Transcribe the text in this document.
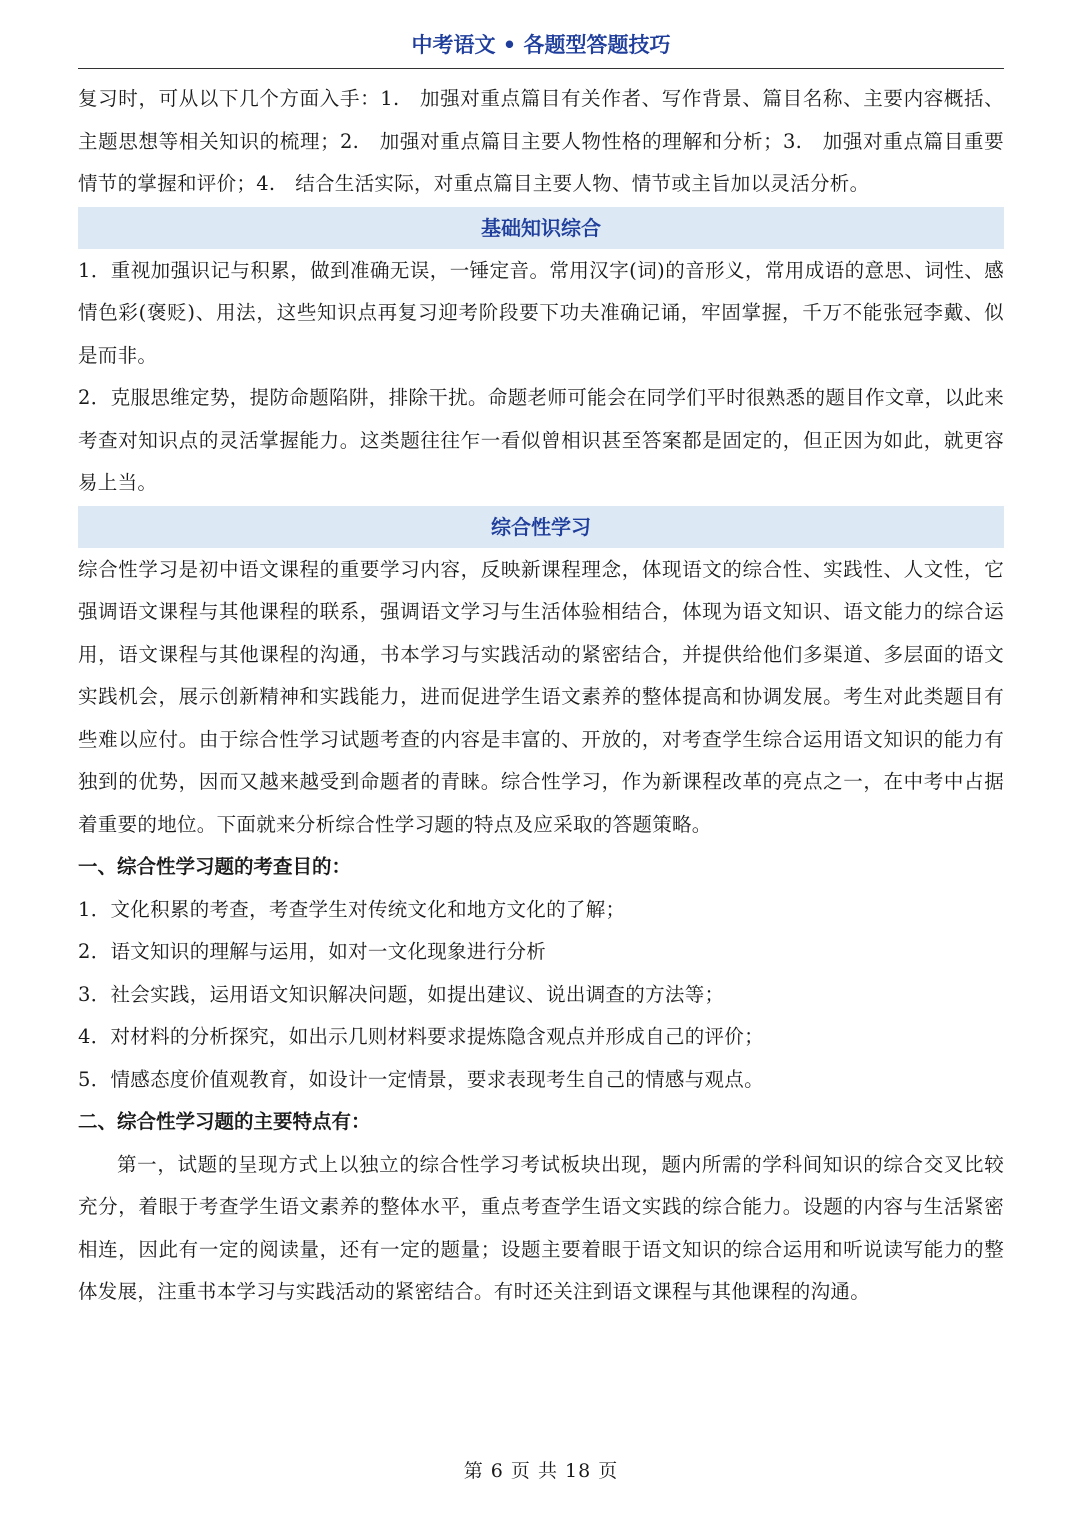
中考语文 • 各题型答题技巧

复习时，可从以下几个方面入手：1.　加强对重点篇目有关作者、写作背景、篇目名称、主要内容概括、主题思想等相关知识的梳理；2.　加强对重点篇目主要人物性格的理解和分析；3.　加强对重点篇目重要情节的掌握和评价；4.　结合生活实际，对重点篇目主要人物、情节或主旨加以灵活分析。

基础知识综合

1．重视加强识记与积累，做到准确无误，一锤定音。常用汉字(词)的音形义，常用成语的意思、词性、感情色彩(褒贬)、用法，这些知识点再复习迎考阶段要下功夫准确记诵，牢固掌握，千万不能张冠李戴、似是而非。

2．克服思维定势，提防命题陷阱，排除干扰。命题老师可能会在同学们平时很熟悉的题目作文章，以此来考查对知识点的灵活掌握能力。这类题往往乍一看似曾相识甚至答案都是固定的，但正因为如此，就更容易上当。

综合性学习

综合性学习是初中语文课程的重要学习内容，反映新课程理念，体现语文的综合性、实践性、人文性，它强调语文课程与其他课程的联系，强调语文学习与生活体验相结合，体现为语文知识、语文能力的综合运用，语文课程与其他课程的沟通，书本学习与实践活动的紧密结合，并提供给他们多渠道、多层面的语文实践机会，展示创新精神和实践能力，进而促进学生语文素养的整体提高和协调发展。考生对此类题目有些难以应付。由于综合性学习试题考查的内容是丰富的、开放的，对考查学生综合运用语文知识的能力有独到的优势，因而又越来越受到命题者的青睐。综合性学习，作为新课程改革的亮点之一，在中考中占据着重要的地位。下面就来分析综合性学习题的特点及应采取的答题策略。

一、综合性学习题的考查目的：

1．文化积累的考查，考查学生对传统文化和地方文化的了解；

2．语文知识的理解与运用，如对一文化现象进行分析

3．社会实践，运用语文知识解决问题，如提出建议、说出调查的方法等；

4．对材料的分析探究，如出示几则材料要求提炼隐含观点并形成自己的评价；

5．情感态度价值观教育，如设计一定情景，要求表现考生自己的情感与观点。

二、综合性学习题的主要特点有：

第一，试题的呈现方式上以独立的综合性学习考试板块出现，题内所需的学科间知识的综合交叉比较充分，着眼于考查学生语文素养的整体水平，重点考查学生语文实践的综合能力。设题的内容与生活紧密相连，因此有一定的阅读量，还有一定的题量；设题主要着眼于语文知识的综合运用和听说读写能力的整体发展，注重书本学习与实践活动的紧密结合。有时还关注到语文课程与其他课程的沟通。

第 6 页 共 18 页
